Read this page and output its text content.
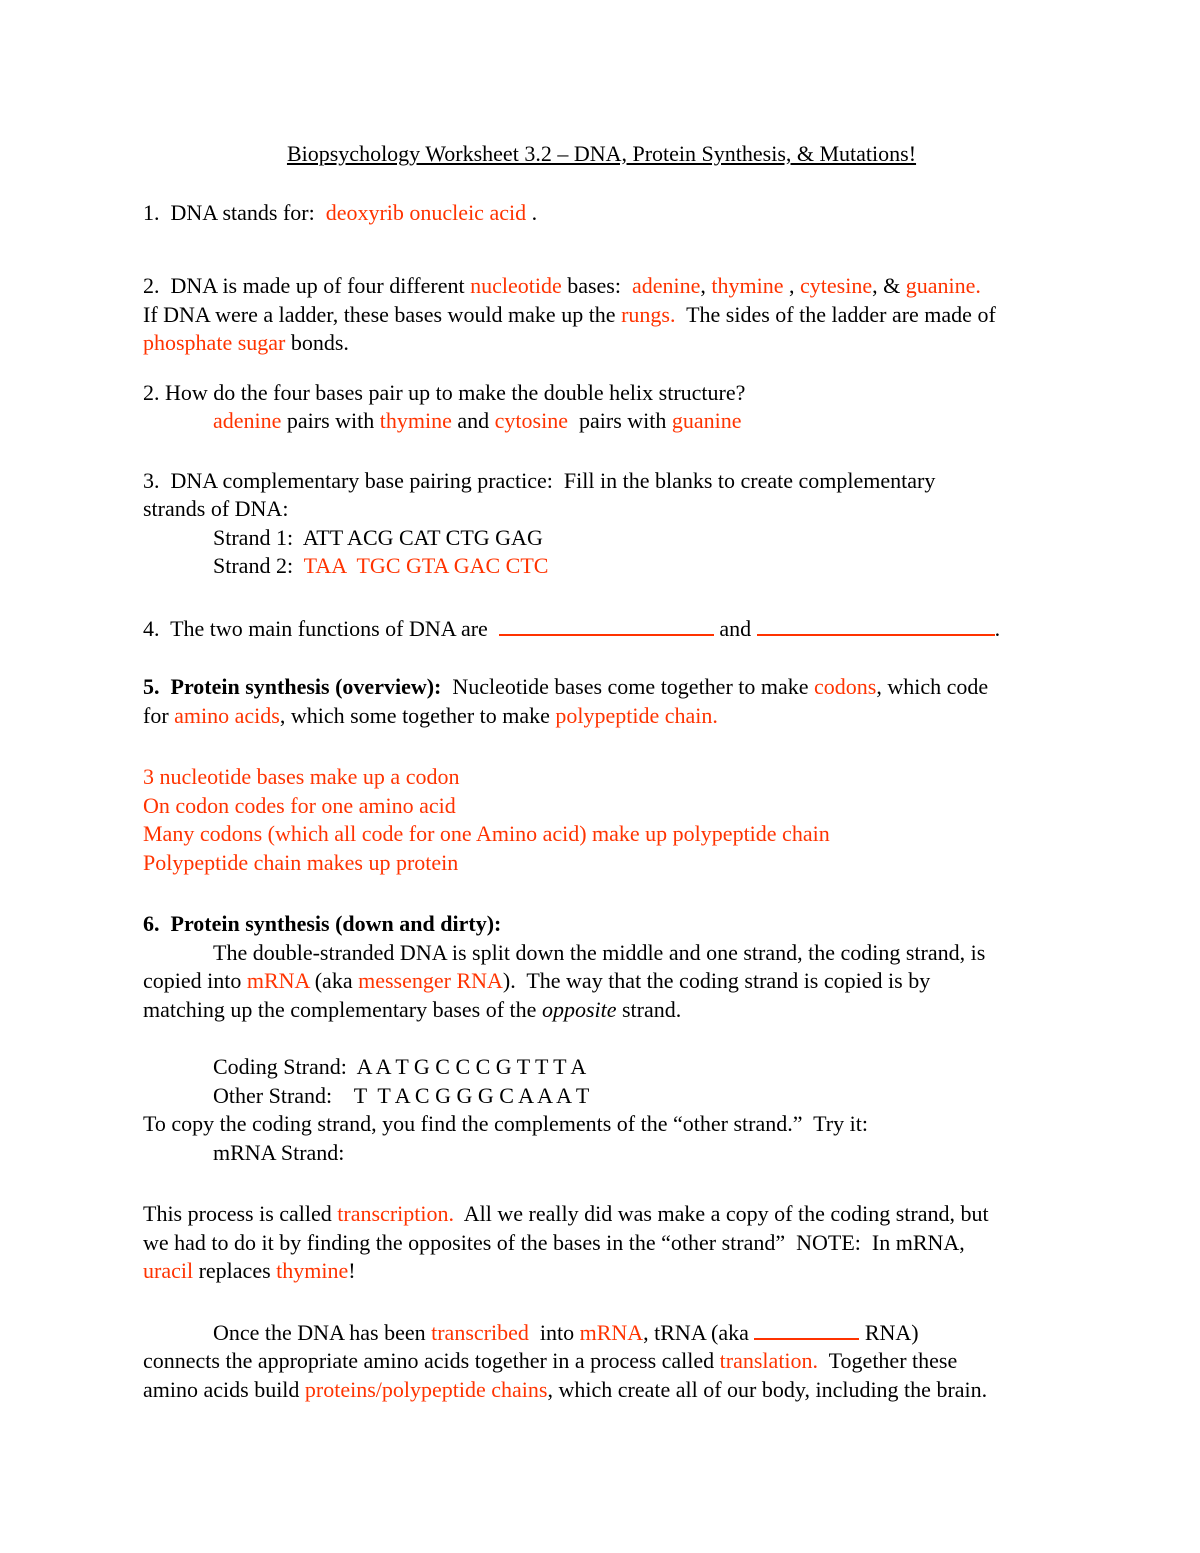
Biopsychology Worksheet 3.2 – DNA, Protein Synthesis, & Mutations!
1.  DNA stands for:  deoxyrib onucleic acid .
2.  DNA is made up of four different nucleotide bases:  adenine, thymine , cytesine, & guanine.
If DNA were a ladder, these bases would make up the rungs.  The sides of the ladder are made of
phosphate sugar bonds.
2. How do the four bases pair up to make the double helix structure?
adenine pairs with thymine and cytosine  pairs with guanine
3.  DNA complementary base pairing practice:  Fill in the blanks to create complementary
strands of DNA:
Strand 1:  ATT ACG CAT CTG GAG
Strand 2:  TAA  TGC GTA GAC CTC
4.  The two main functions of DNA are	and	.
5.  Protein synthesis (overview):  Nucleotide bases come together to make codons, which code
for amino acids, which some together to make polypeptide chain.
3 nucleotide bases make up a codon
On codon codes for one amino acid
Many codons (which all code for one Amino acid) make up polypeptide chain
Polypeptide chain makes up protein
6.  Protein synthesis (down and dirty):
The double-stranded DNA is split down the middle and one strand, the coding strand, is
copied into mRNA (aka messenger RNA).  The way that the coding strand is copied is by
matching up the complementary bases of the opposite strand.
Coding Strand:  A A T G C C C G T T T A
Other Strand:    T  T A C G G G C A A A T
To copy the coding strand, you find the complements of the “other strand.”  Try it:
mRNA Strand:
This process is called transcription.  All we really did was make a copy of the coding strand, but
we had to do it by finding the opposites of the bases in the “other strand”  NOTE:  In mRNA,
uracil replaces thymine!
Once the DNA has been transcribed  into mRNA, tRNA (aka	RNA)
connects the appropriate amino acids together in a process called translation.  Together these
amino acids build proteins/polypeptide chains, which create all of our body, including the brain.
